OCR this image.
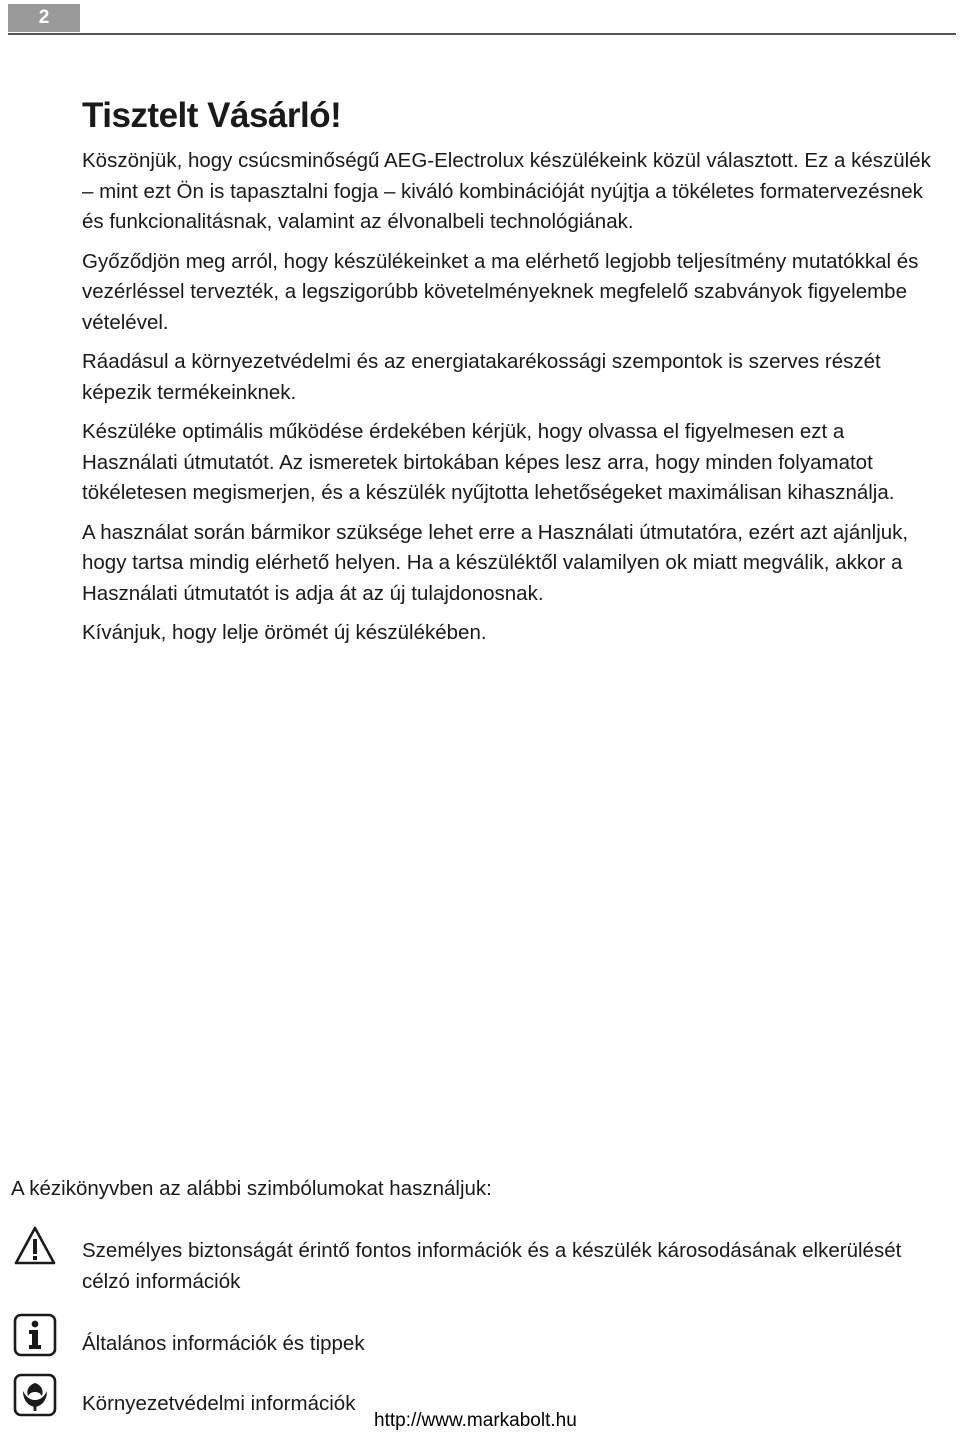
2
Tisztelt Vásárló!

Köszönjük, hogy csúcsminőségű AEG-Electrolux készülékeink közül választott. Ez a készülék – mint ezt Ön is tapasztalni fogja – kiváló kombinációját nyújtja a tökéletes formatervezésnek és funkcionalitásnak, valamint az élvonalbeli technológiának.

Győződjön meg arról, hogy készülékeinket a ma elérhető legjobb teljesítmény mutatókkal és vezérléssel tervezték, a legszigorúbb követelményeknek megfelelő szabványok figyelembe vételével.

Ráadásul a környezetvédelmi és az energiatakarékossági szempontok is szerves részét képezik termékeinknek.

Készüléke optimális működése érdekében kérjük, hogy olvassa el figyelmesen ezt a Használati útmutatót. Az ismeretek birtokában képes lesz arra, hogy minden folyamatot tökéletesen megismerjen, és a készülék nyűjtotta lehetőségeket maximálisan kihasználja.

A használat során bármikor szüksége lehet erre a Használati útmutatóra, ezért azt ajánljuk, hogy tartsa mindig elérhető helyen. Ha a készüléktől valamilyen ok miatt megválik, akkor a Használati útmutatót is adja át az új tulajdonosnak.

Kívánjuk, hogy lelje örömét új készülékében.

A kézikönyvben az alábbi szimbólumokat használjuk:

Személyes biztonságát érintő fontos információk és a készülék károsodásának elkerülését célzó információk
Általános információk és tippek
Környezetvédelmi információk
http://www.markabolt.hu
